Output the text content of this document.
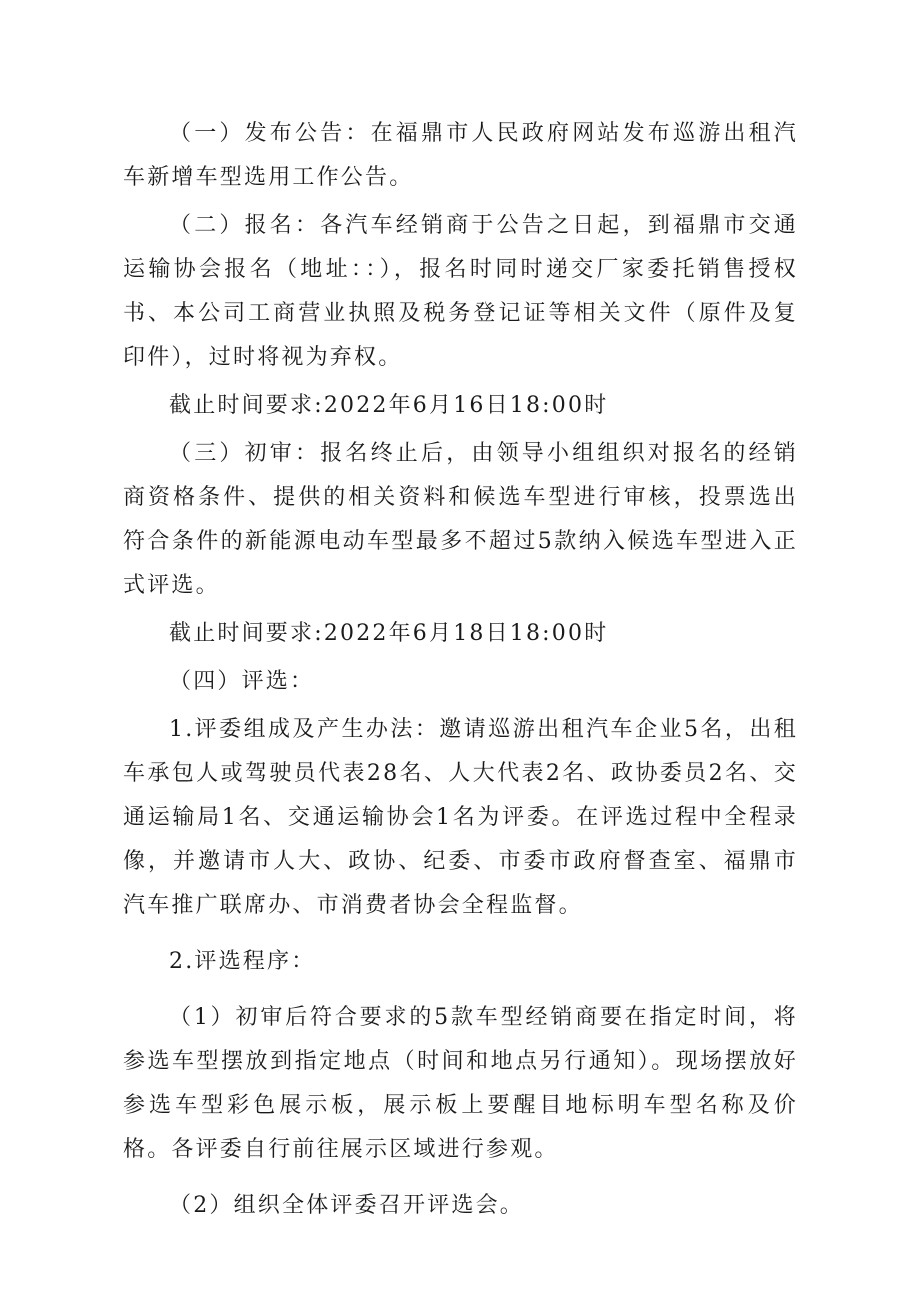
（一）发布公告：在福鼎市人民政府网站发布巡游出租汽车新增车型选用工作公告。

（二）报名：各汽车经销商于公告之日起，到福鼎市交通运输协会报名（地址：：），报名时同时递交厂家委托销售授权书、本公司工商营业执照及税务登记证等相关文件（原件及复印件），过时将视为弃权。

截止时间要求:2022年6月16日18:00时

（三）初审：报名终止后，由领导小组组织对报名的经销商资格条件、提供的相关资料和候选车型进行审核，投票选出符合条件的新能源电动车型最多不超过5款纳入候选车型进入正式评选。

截止时间要求:2022年6月18日18:00时

（四）评选：

1.评委组成及产生办法：邀请巡游出租汽车企业5名，出租车承包人或驾驶员代表28名、人大代表2名、政协委员2名、交通运输局1名、交通运输协会1名为评委。在评选过程中全程录像，并邀请市人大、政协、纪委、市委市政府督查室、福鼎市汽车推广联席办、市消费者协会全程监督。

2.评选程序：

（1）初审后符合要求的5款车型经销商要在指定时间，将参选车型摆放到指定地点（时间和地点另行通知）。现场摆放好参选车型彩色展示板，展示板上要醒目地标明车型名称及价格。各评委自行前往展示区域进行参观。

（2）组织全体评委召开评选会。
